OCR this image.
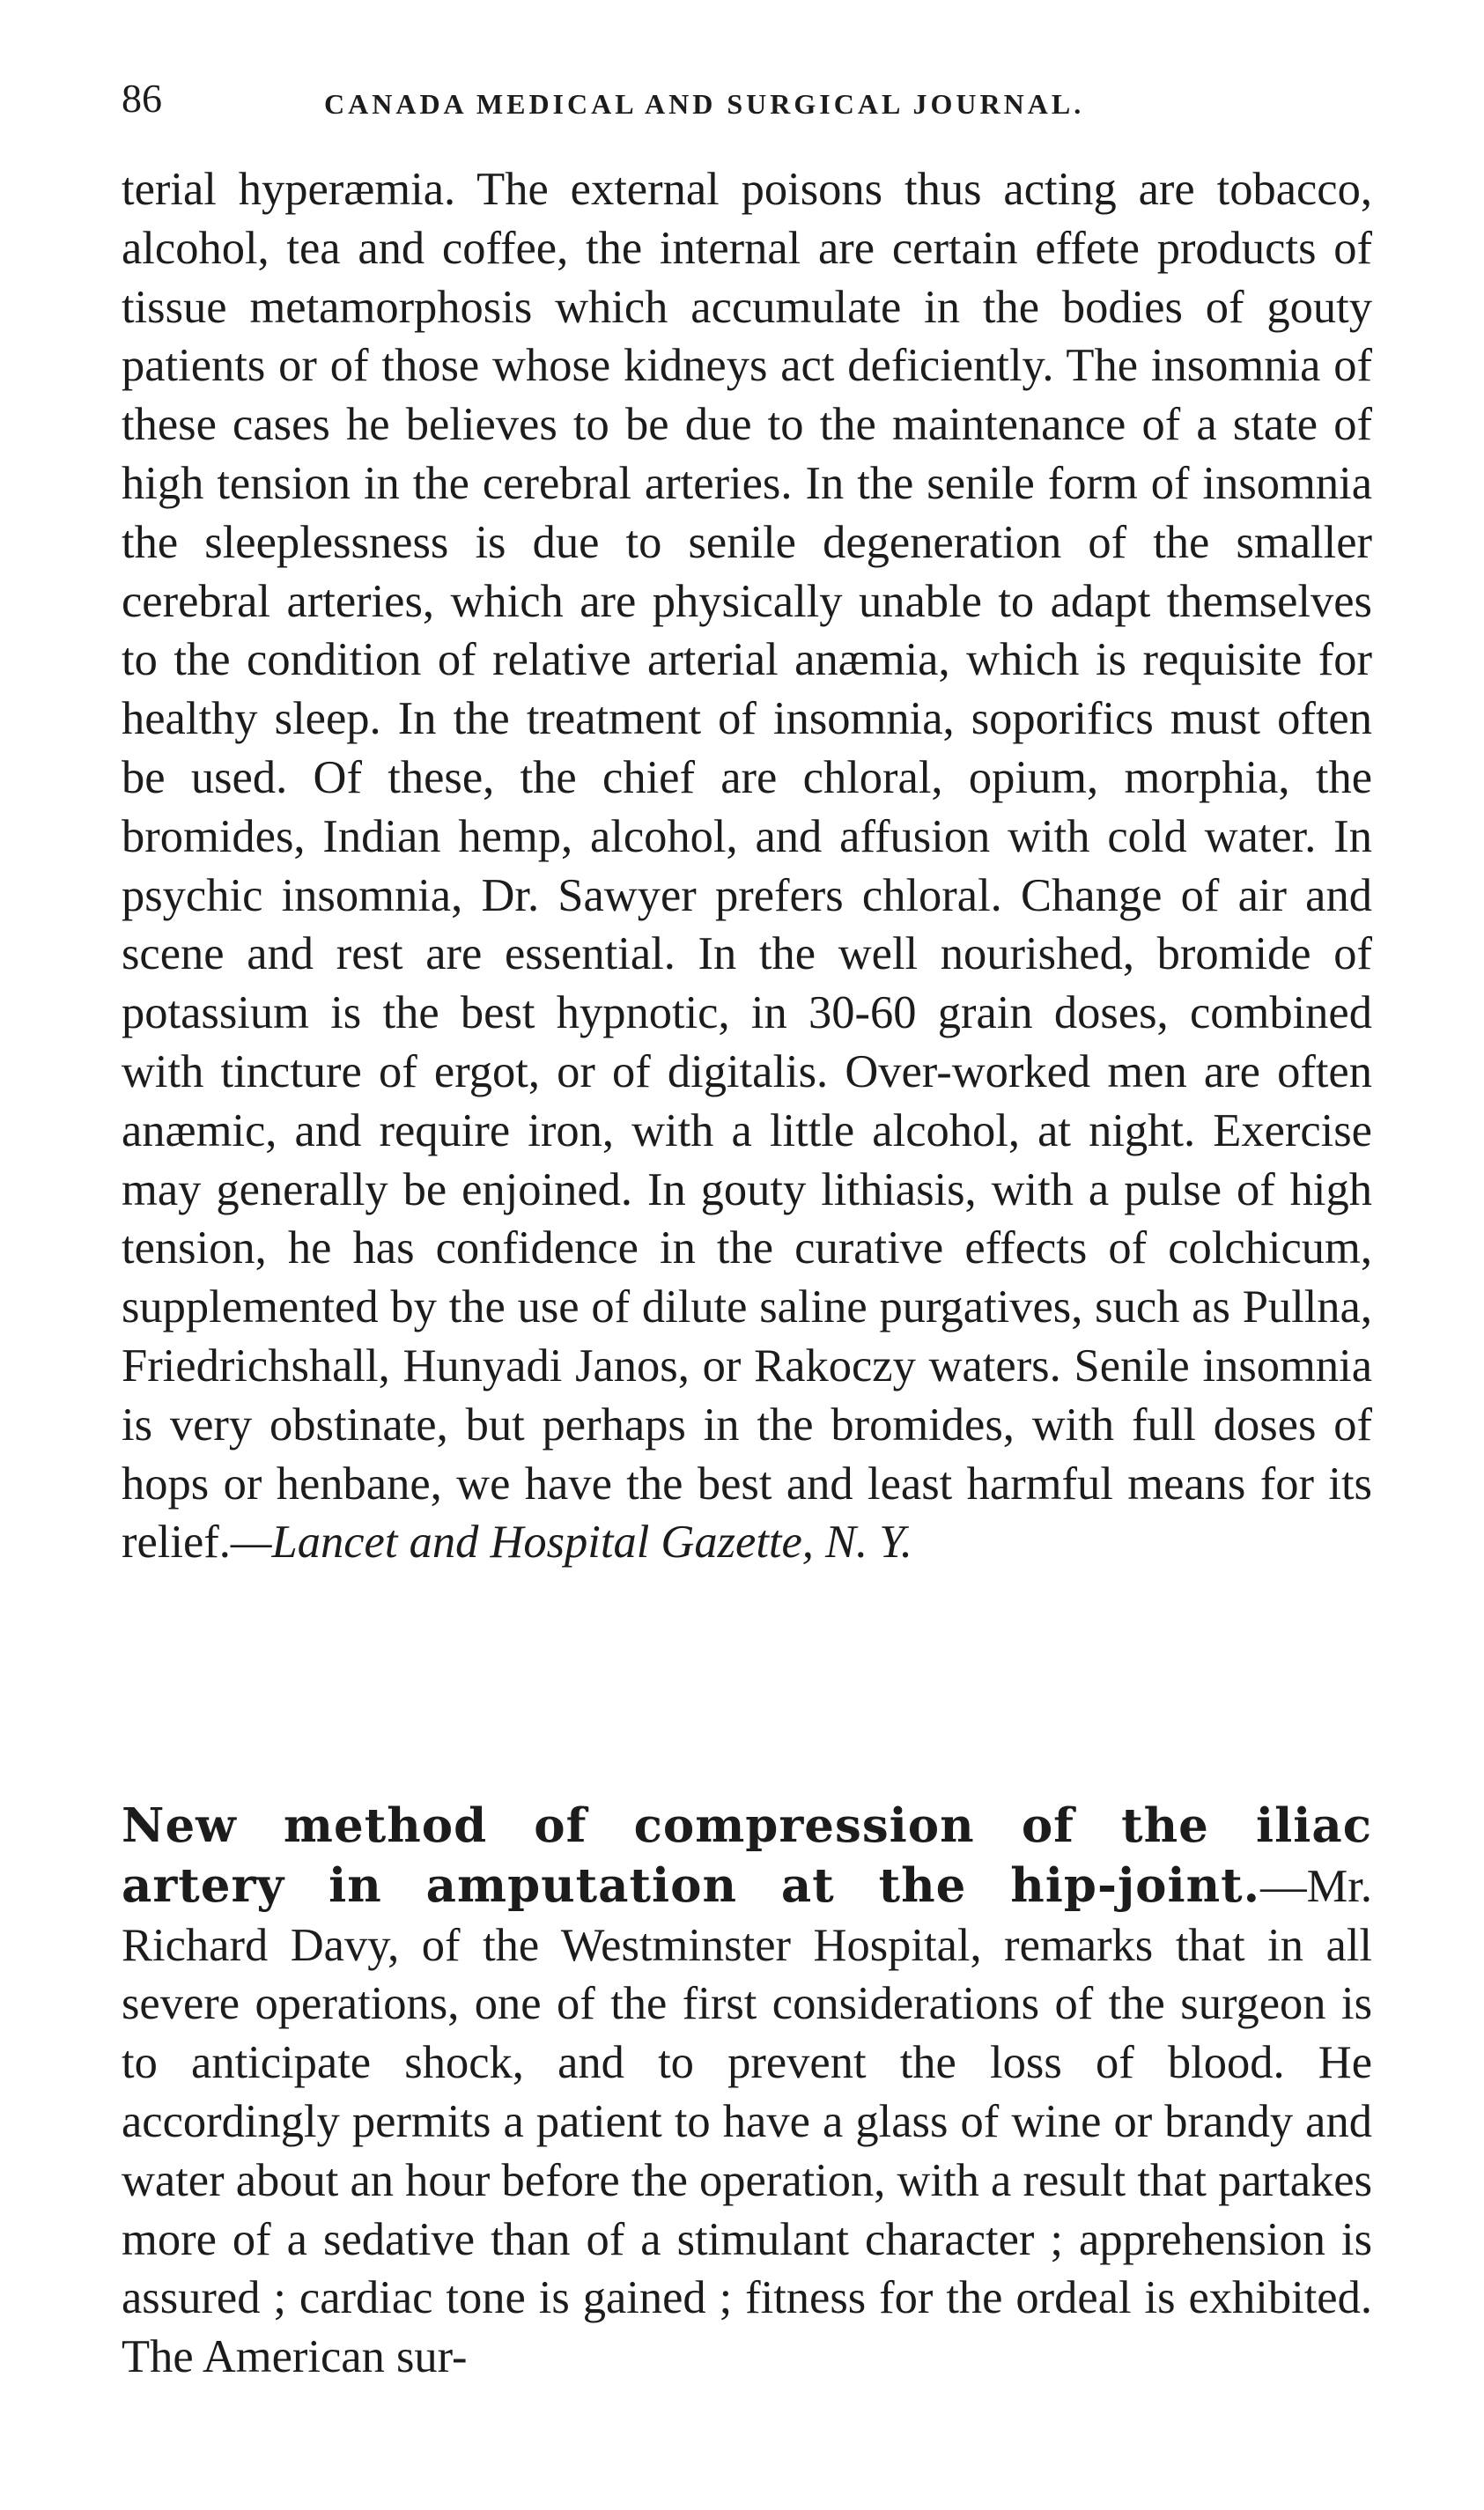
86	CANADA MEDICAL AND SURGICAL JOURNAL.

terial hyperæmia. The external poisons thus acting are tobacco, alcohol, tea and coffee, the internal are certain effete products of tissue metamorphosis which accumulate in the bodies of gouty patients or of those whose kidneys act deficiently. The insomnia of these cases he believes to be due to the maintenance of a state of high tension in the cerebral arteries. In the senile form of insomnia the sleeplessness is due to senile degeneration of the smaller cerebral arteries, which are physically unable to adapt themselves to the condition of relative arterial anæmia, which is requisite for healthy sleep. In the treatment of insomnia, soporifics must often be used. Of these, the chief are chloral, opium, morphia, the bromides, Indian hemp, alcohol, and affusion with cold water. In psychic insomnia, Dr. Sawyer prefers chloral. Change of air and scene and rest are essential. In the well nourished, bromide of potassium is the best hypnotic, in 30-60 grain doses, combined with tincture of ergot, or of digitalis. Over-worked men are often anæmic, and require iron, with a little alcohol, at night. Exercise may generally be enjoined. In gouty lithiasis, with a pulse of high tension, he has confidence in the curative effects of colchicum, supplemented by the use of dilute saline purgatives, such as Pullna, Friedrichshall, Hunyadi Janos, or Rakoczy waters. Senile insomnia is very obstinate, but perhaps in the bromides, with full doses of hops or henbane, we have the best and least harmful means for its relief.—Lancet and Hospital Gazette, N. Y.

New method of compression of the iliac artery in amputation at the hip-joint.—Mr. Richard Davy, of the Westminster Hospital, remarks that in all severe operations, one of the first considerations of the surgeon is to anticipate shock, and to prevent the loss of blood. He accordingly permits a patient to have a glass of wine or brandy and water about an hour before the operation, with a result that partakes more of a sedative than of a stimulant character ; apprehension is assured ; cardiac tone is gained ; fitness for the ordeal is exhibited. The American sur-
